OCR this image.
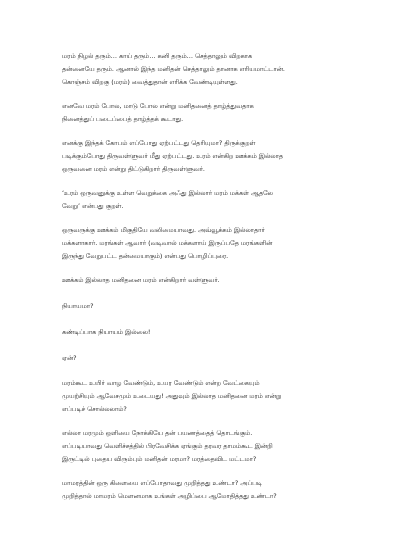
மரம் நிழல் தரும்… காய் தரும்… கனி தரும்… செத்தாலும் விறகாக
தன்னையே தரும். ஆனால் இந்த மனிதன் செத்தாலும் தானாக எரியமாட்டான்.
கொஞ்சம் விறகு (மரம்) வைத்துதான் எரிக்க வேண்டியுள்ளது.

எனவே மரம் போல, மாடு போல என்று மனிதனைத் தாழ்த்துவதாக
நினைத்துப் படைப்பைத் தாழ்த்தக் கூடாது.

எனக்கு இந்தக் கோபம் எப்போது ஏற்பட்டது தெரியுமா? திருக்குறள்
படிக்கும்போது திருவள்ளுவர் மீது ஏற்பட்டது. உரம் என்கிற ஊக்கம் இல்லாத
ஒருவனை மரம் என்று திட்டுகிறார் திருவள்ளுவர்.

‘உரம் ஒருவனுக்கு உள்ள வெறுக்கை அஃது இல்லார் மரம் மக்கள் ஆதலே
வேறு’ என்பது குறள்.

ஒருவருக்கு ஊக்கம் மிகுதியே வலிமையாவது. அவ்வூக்கம் இல்லாதார்
மக்களாகார். மரங்கள் ஆவார் (வடிவால் மக்களாய் இருப்பதே மரங்களின்
இருந்து வேறுபட்ட தன்மையாகும்) என்பது பொழிப்புரை.

ஊக்கம் இல்லாத மனிதனை மரம் என்கிறார் வள்ளுவர்.

நியாயமா?

கண்டிப்பாக நியாயம் இல்லை!

ஏன்?

மரம்கூட உயிர் வாழ வேண்டும், உயர வேண்டும் என்ற வேட்கையும்
முயற்சியும் ஆவேசமும் உடையது! அதுவும் இல்லாத மனிதனை மரம் என்று
எப்படிச் சொல்லலாம்?

எல்லா மரமும் ஒளியை நோக்கியே தன் பயணத்தைத் தொடங்கும்.
எப்படியாவது வெளிச்சத்தில் பிரவேசிக்க ஏங்கும் தரவர தாமம்கூட இன்றி
இருட்டில் புதைய விரும்பும் மனிதன் மரமா? மரத்தைவிட மட்டமா?

மாமரத்தின் ஒரு கிளையை எப்போதாவது முறித்தது உண்டா? அப்படி
முறித்தால் மாமரம் மௌனமாக உங்கள் அழிப்பை ஆமோதித்தது உண்டா?
